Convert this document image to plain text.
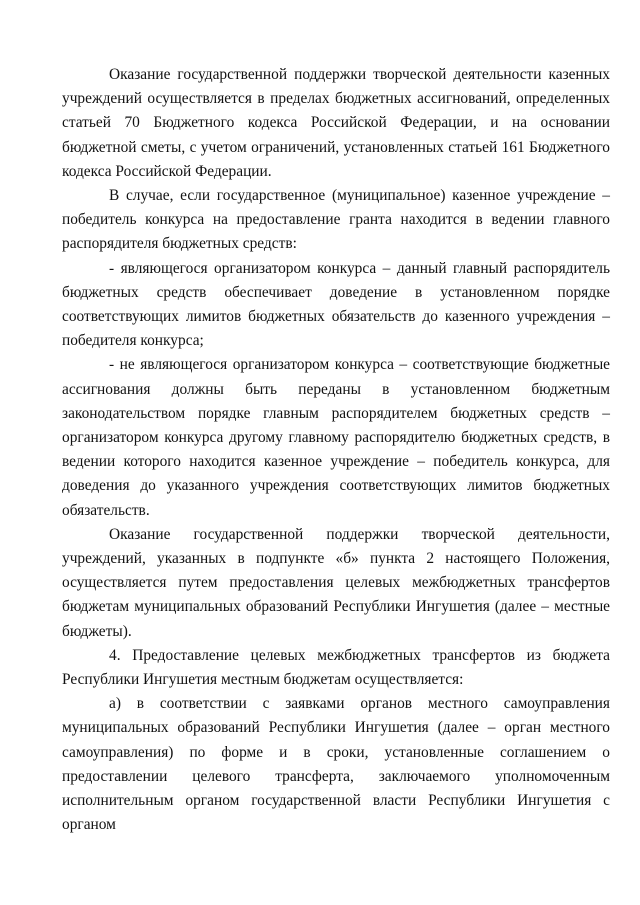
Оказание государственной поддержки творческой деятельности казенных учреждений осуществляется в пределах бюджетных ассигнований, определенных статьей 70 Бюджетного кодекса Российской Федерации, и на основании бюджетной сметы, с учетом ограничений, установленных статьей 161 Бюджетного кодекса Российской Федерации.

В случае, если государственное (муниципальное) казенное учреждение – победитель конкурса на предоставление гранта находится в ведении главного распорядителя бюджетных средств:

- являющегося организатором конкурса – данный главный распорядитель бюджетных средств обеспечивает доведение в установленном порядке соответствующих лимитов бюджетных обязательств до казенного учреждения – победителя конкурса;

- не являющегося организатором конкурса – соответствующие бюджетные ассигнования должны быть переданы в установленном бюджетным законодательством порядке главным распорядителем бюджетных средств – организатором конкурса другому главному распорядителю бюджетных средств, в ведении которого находится казенное учреждение – победитель конкурса, для доведения до указанного учреждения соответствующих лимитов бюджетных обязательств.

Оказание государственной поддержки творческой деятельности, учреждений, указанных в подпункте «б» пункта 2 настоящего Положения, осуществляется путем предоставления целевых межбюджетных трансфертов бюджетам муниципальных образований Республики Ингушетия (далее – местные бюджеты).

4. Предоставление целевых межбюджетных трансфертов из бюджета Республики Ингушетия местным бюджетам осуществляется:

а) в соответствии с заявками органов местного самоуправления муниципальных образований Республики Ингушетия (далее – орган местного самоуправления) по форме и в сроки, установленные соглашением о предоставлении целевого трансферта, заключаемого уполномоченным исполнительным органом государственной власти Республики Ингушетия с органом
